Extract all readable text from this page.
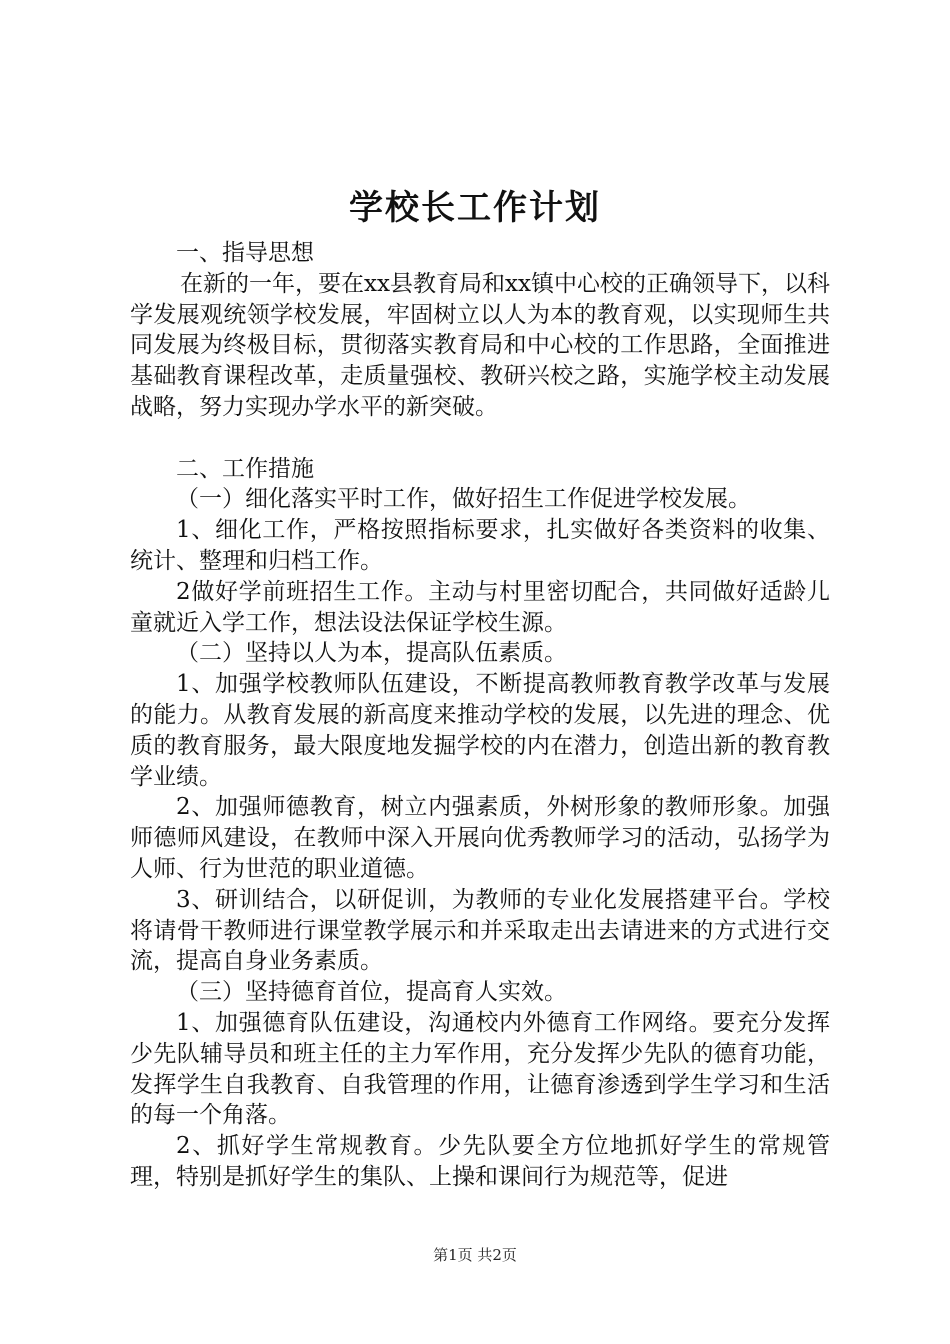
学校长工作计划

一、指导思想

在新的一年，要在xx县教育局和xx镇中心校的正确领导下，以科学发展观统领学校发展，牢固树立以人为本的教育观，以实现师生共同发展为终极目标，贯彻落实教育局和中心校的工作思路，全面推进基础教育课程改革，走质量强校、教研兴校之路，实施学校主动发展战略，努力实现办学水平的新突破。

二、工作措施

（一）细化落实平时工作，做好招生工作促进学校发展。

1、细化工作，严格按照指标要求，扎实做好各类资料的收集、统计、整理和归档工作。

2做好学前班招生工作。主动与村里密切配合，共同做好适龄儿童就近入学工作，想法设法保证学校生源。

（二）坚持以人为本，提高队伍素质。

1、加强学校教师队伍建设，不断提高教师教育教学改革与发展的能力。从教育发展的新高度来推动学校的发展，以先进的理念、优质的教育服务，最大限度地发掘学校的内在潜力，创造出新的教育教学业绩。

2、加强师德教育，树立内强素质，外树形象的教师形象。加强师德师风建设，在教师中深入开展向优秀教师学习的活动，弘扬学为人师、行为世范的职业道德。

3、研训结合，以研促训，为教师的专业化发展搭建平台。学校将请骨干教师进行课堂教学展示和并采取走出去请进来的方式进行交流，提高自身业务素质。

（三）坚持德育首位，提高育人实效。

1、加强德育队伍建设，沟通校内外德育工作网络。要充分发挥少先队辅导员和班主任的主力军作用，充分发挥少先队的德育功能，发挥学生自我教育、自我管理的作用，让德育渗透到学生学习和生活的每一个角落。

2、抓好学生常规教育。少先队要全方位地抓好学生的常规管理，特别是抓好学生的集队、上操和课间行为规范等，促进

第1页 共2页
